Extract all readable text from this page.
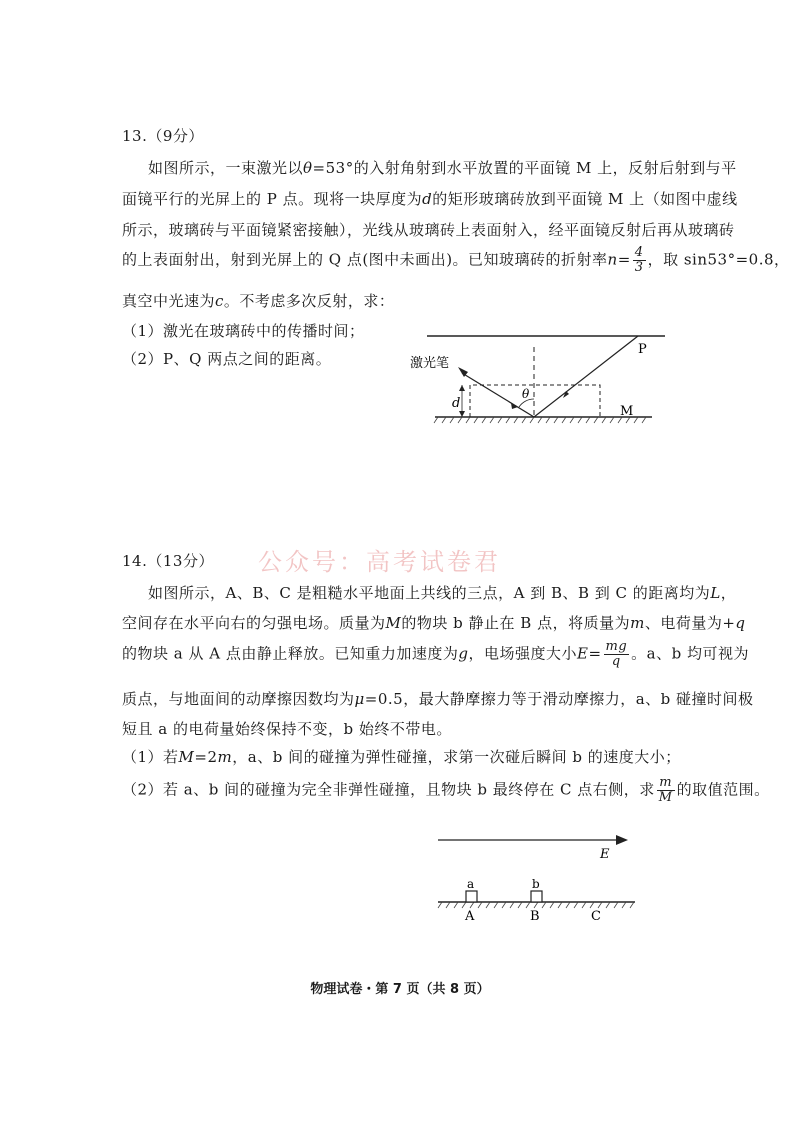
13.（9分）
如图所示，一束激光以θ=53°的入射角射到水平放置的平面镜 M 上，反射后射到与平
面镜平行的光屏上的 P 点。现将一块厚度为d的矩形玻璃砖放到平面镜 M 上（如图中虚线
所示，玻璃砖与平面镜紧密接触），光线从玻璃砖上表面射入，经平面镜反射后再从玻璃砖
的上表面射出，射到光屏上的 Q 点(图中未画出)。已知玻璃砖的折射率$n= \frac{4}{3}$ ，取 sin53°=0.8，
真空中光速为c。不考虑多次反射，求：
（1）激光在玻璃砖中的传播时间；
（2）P、Q 两点之间的距离。
θ
d
激光笔
P
M
公众号：高考试卷君
14.（13分）
如图所示，A、B、C 是粗糙水平地面上共线的三点，A 到 B、B 到 C 的距离均为L，
空间存在水平向右的匀强电场。质量为M的物块 b 静止在 B 点，将质量为m、电荷量为+q
的物块 a 从 A 点由静止释放。已知重力加速度为g，电场强度大小$E= \frac{mg}{q}$ 。a、b 均可视为
质点，与地面间的动摩擦因数均为μ=0.5，最大静摩擦力等于滑动摩擦力，a、b 碰撞时间极
短且 a 的电荷量始终保持不变，b 始终不带电。
（1）若M=2m，a、b 间的碰撞为弹性碰撞，求第一次碰后瞬间 b 的速度大小；
（2）若 a、b 间的碰撞为完全非弹性碰撞，且物块 b 最终停在 C 点右侧，求 $\frac{m}{M}$ 的取值范围。
E
a	b
A	B	C
物理试卷・第 7 页（共 8 页）
